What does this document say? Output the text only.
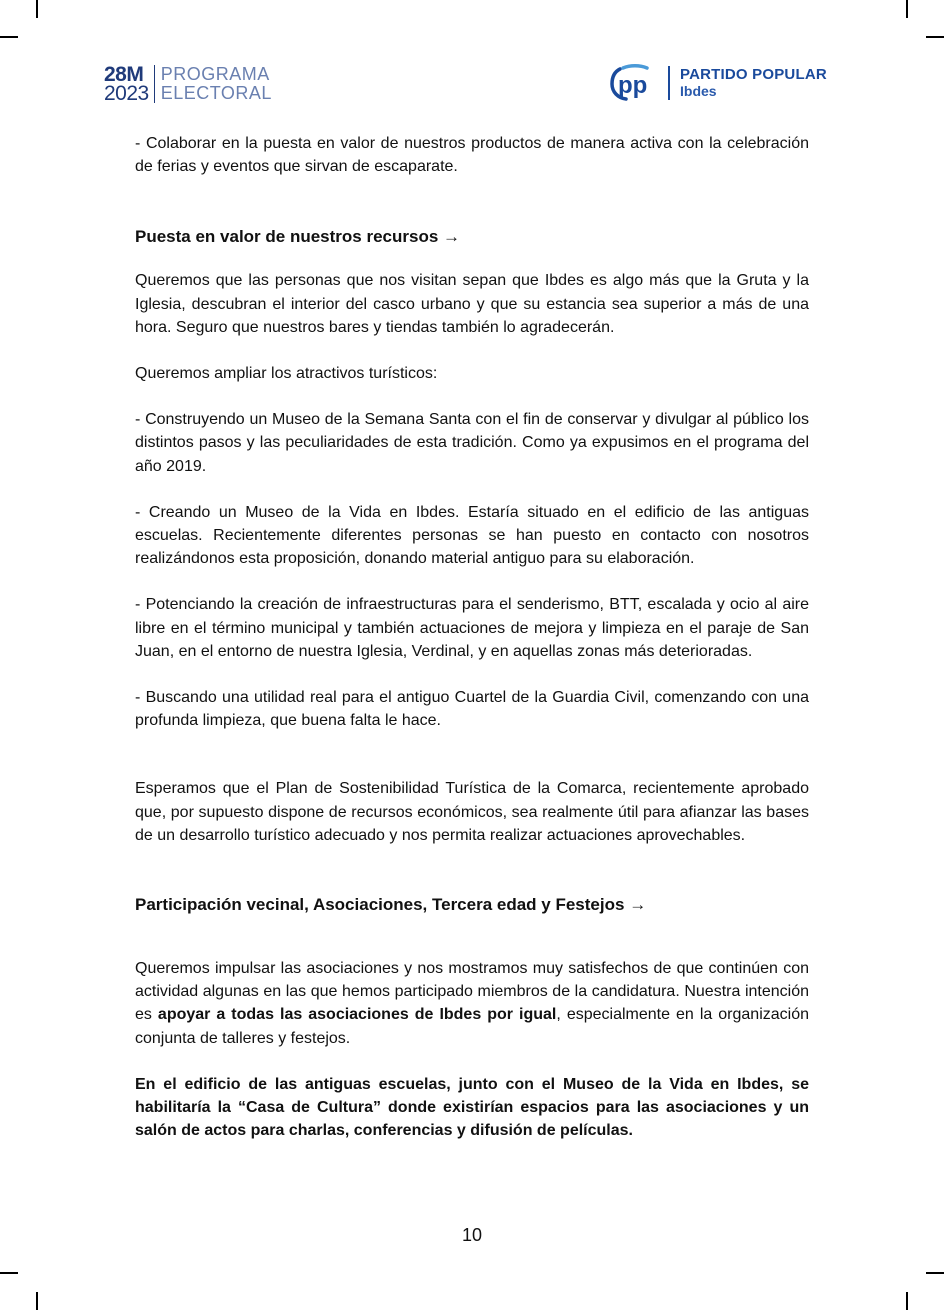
28M
2023
PROGRAMA
ELECTORAL	pp PARTIDO POPULAR
Ibdes

- Colaborar en la puesta en valor de nuestros productos de manera activa con la celebración de ferias y eventos que sirvan de escaparate.

Puesta en valor de nuestros recursos →

Queremos que las personas que nos visitan sepan que Ibdes es algo más que la Gruta y la Iglesia, descubran el interior del casco urbano y que su estancia sea superior a más de una hora. Seguro que nuestros bares y tiendas también lo agradecerán.

Queremos ampliar los atractivos turísticos:

- Construyendo un Museo de la Semana Santa con el fin de conservar y divulgar al público los distintos pasos y las peculiaridades de esta tradición. Como ya expusimos en el programa del año 2019.

- Creando un Museo de la Vida en Ibdes. Estaría situado en el edificio de las antiguas escuelas. Recientemente diferentes personas se han puesto en contacto con nosotros realizándonos esta proposición, donando material antiguo para su elaboración.

- Potenciando la creación de infraestructuras para el senderismo, BTT, escalada y ocio al aire libre en el término municipal y también actuaciones de mejora y limpieza en el paraje de San Juan, en el entorno de nuestra Iglesia, Verdinal, y en aquellas zonas más deterioradas.

- Buscando una utilidad real para el antiguo Cuartel de la Guardia Civil, comenzando con una profunda limpieza, que buena falta le hace.

Esperamos que el Plan de Sostenibilidad Turística de la Comarca, recientemente aprobado que, por supuesto dispone de recursos económicos, sea realmente útil para afianzar las bases de un desarrollo turístico adecuado y nos permita realizar actuaciones aprovechables.

Participación vecinal, Asociaciones, Tercera edad y Festejos →

Queremos impulsar las asociaciones y nos mostramos muy satisfechos de que continúen con actividad algunas en las que hemos participado miembros de la candidatura. Nuestra intención es apoyar a todas las asociaciones de Ibdes por igual, especialmente en la organización conjunta de talleres y festejos.

En el edificio de las antiguas escuelas, junto con el Museo de la Vida en Ibdes, se habilitaría la “Casa de Cultura” donde existirían espacios para las asociaciones y un salón de actos para charlas, conferencias y difusión de películas.

10
